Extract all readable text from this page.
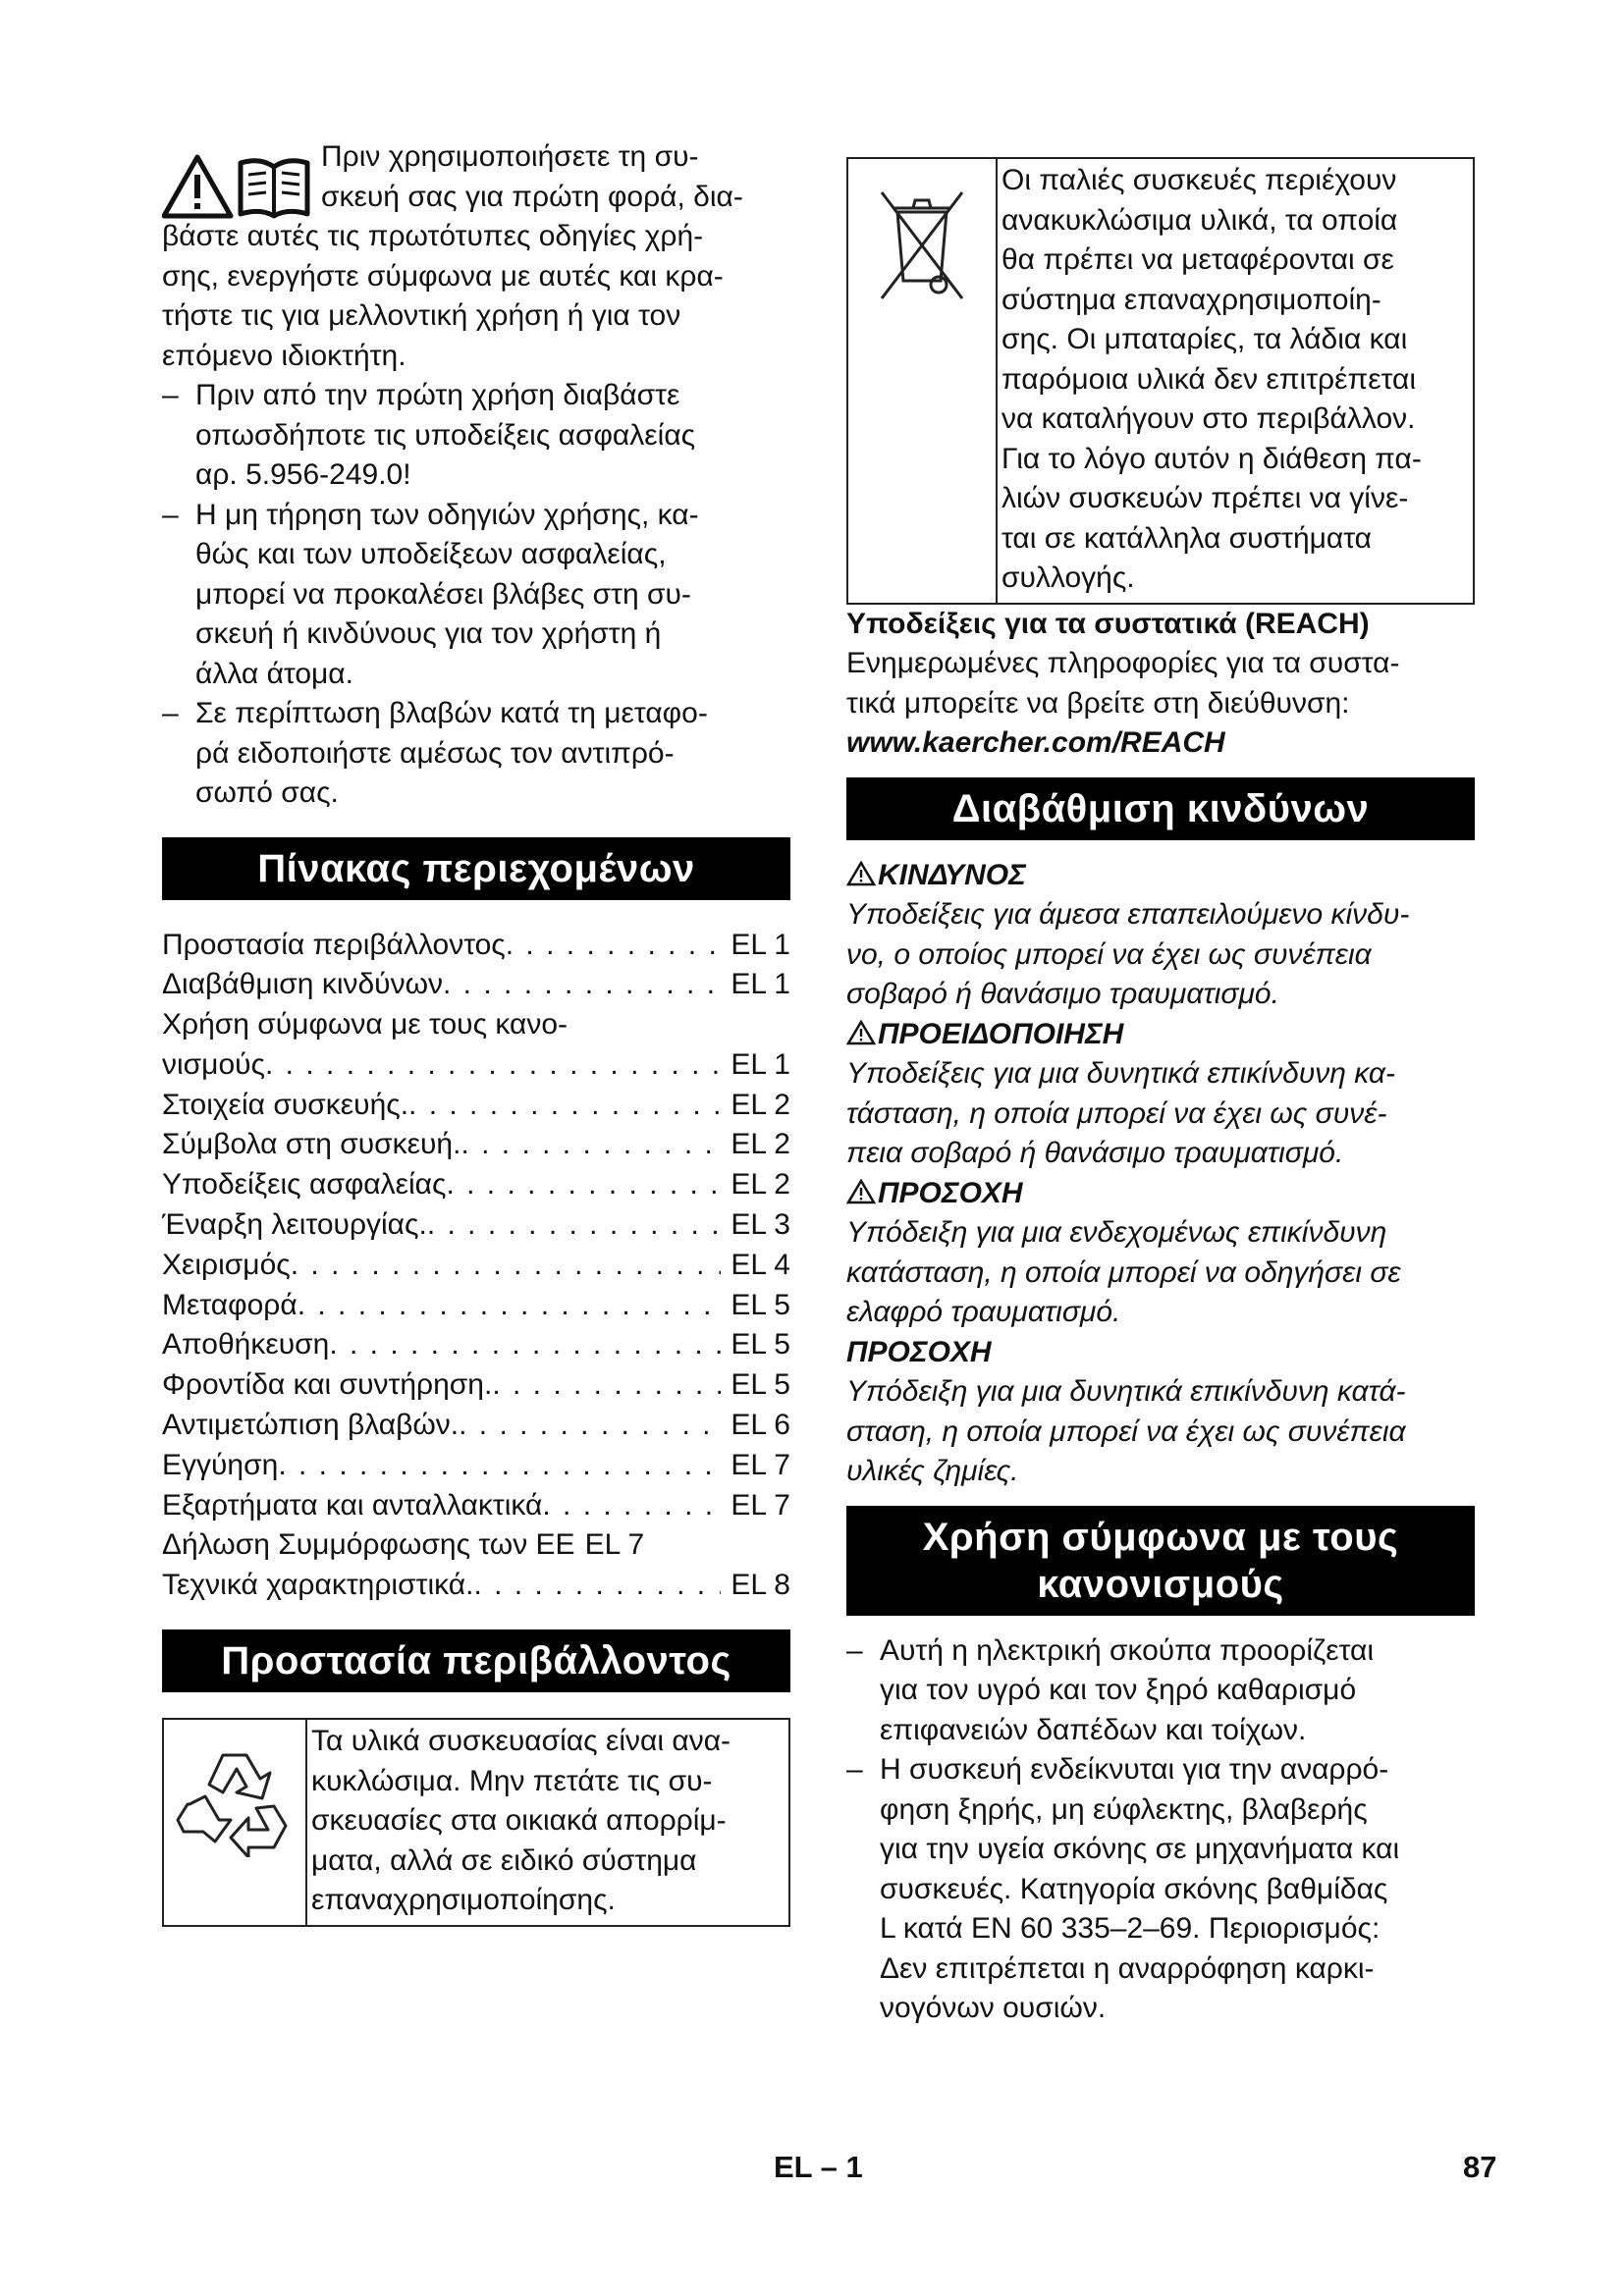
Πριν χρησιμοποιήσετε τη συ-
σκευή σας για πρώτη φορά, δια-
βάστε αυτές τις πρωτότυπες οδηγίες χρή-
σης, ενεργήστε σύμφωνα με αυτές και κρα-
τήστε τις για μελλοντική χρήση ή για τον
επόμενο ιδιοκτήτη.
– Πριν από την πρώτη χρήση διαβάστε
οπωσδήποτε τις υποδείξεις ασφαλείας
αρ. 5.956-249.0!
– Η μη τήρηση των οδηγιών χρήσης, κα-
θώς και των υποδείξεων ασφαλείας,
μπορεί να προκαλέσει βλάβες στη συ-
σκευή ή κινδύνους για τον χρήστη ή
άλλα άτομα.
– Σε περίπτωση βλαβών κατά τη μεταφο-
ρά ειδοποιήστε αμέσως τον αντιπρό-
σωπό σας.
Πίνακας περιεχομένων
Προστασία περιβάλλοντος . . .	EL 1
Διαβάθμιση κινδύνων . . .	EL 1
Χρήση σύμφωνα με τους κανο-
νισμούς . . .	EL 1
Στοιχεία συσκευής. . . .	EL 2
Σύμβολα στη συσκευή. . . .	EL 2
Υποδείξεις ασφαλείας . . .	EL 2
Έναρξη λειτουργίας. . . .	EL 3
Χειρισμός . . .	EL 4
Μεταφορά . . .	EL 5
Αποθήκευση . . .	EL 5
Φροντίδα και συντήρηση. . . .	EL 5
Αντιμετώπιση βλαβών. . . .	EL 6
Εγγύηση . . .	EL 7
Εξαρτήματα και ανταλλακτικά . . .	EL 7
Δήλωση Συμμόρφωσης των ΕΕ EL 7
Τεχνικά χαρακτηριστικά. . . .	EL 8
Προστασία περιβάλλοντος
Τα υλικά συσκευασίας είναι ανα-
κυκλώσιμα. Μην πετάτε τις συ-
σκευασίες στα οικιακά απορρίμ-
ματα, αλλά σε ειδικό σύστημα
επαναχρησιμοποίησης.
Οι παλιές συσκευές περιέχουν
ανακυκλώσιμα υλικά, τα οποία
θα πρέπει να μεταφέρονται σε
σύστημα επαναχρησιμοποίη-
σης. Οι μπαταρίες, τα λάδια και
παρόμοια υλικά δεν επιτρέπεται
να καταλήγουν στο περιβάλλον.
Για το λόγο αυτόν η διάθεση πα-
λιών συσκευών πρέπει να γίνε-
ται σε κατάλληλα συστήματα
συλλογής.
Υποδείξεις για τα συστατικά (REACH)
Ενημερωμένες πληροφορίες για τα συστα-
τικά μπορείτε να βρείτε στη διεύθυνση:
www.kaercher.com/REACH
Διαβάθμιση κινδύνων
ΚΙΝΔΥΝΟΣ
Υποδείξεις για άμεσα επαπειλούμενο κίνδυ-
νο, ο οποίος μπορεί να έχει ως συνέπεια
σοβαρό ή θανάσιμο τραυματισμό.
ΠΡΟΕΙΔΟΠΟΙΗΣΗ
Υποδείξεις για μια δυνητικά επικίνδυνη κα-
τάσταση, η οποία μπορεί να έχει ως συνέ-
πεια σοβαρό ή θανάσιμο τραυματισμό.
ΠΡΟΣΟΧΗ
Υπόδειξη για μια ενδεχομένως επικίνδυνη
κατάσταση, η οποία μπορεί να οδηγήσει σε
ελαφρό τραυματισμό.
ΠΡΟΣΟΧΗ
Υπόδειξη για μια δυνητικά επικίνδυνη κατά-
σταση, η οποία μπορεί να έχει ως συνέπεια
υλικές ζημίες.
Χρήση σύμφωνα με τους
κανονισμούς
– Αυτή η ηλεκτρική σκούπα προορίζεται
για τον υγρό και τον ξηρό καθαρισμό
επιφανειών δαπέδων και τοίχων.
– Η συσκευή ενδείκνυται για την αναρρό-
φηση ξηρής, μη εύφλεκτης, βλαβερής
για την υγεία σκόνης σε μηχανήματα και
συσκευές. Κατηγορία σκόνης βαθμίδας
L κατά EN 60 335–2–69. Περιορισμός:
Δεν επιτρέπεται η αναρρόφηση καρκι-
νογόνων ουσιών.
EL – 1	87
